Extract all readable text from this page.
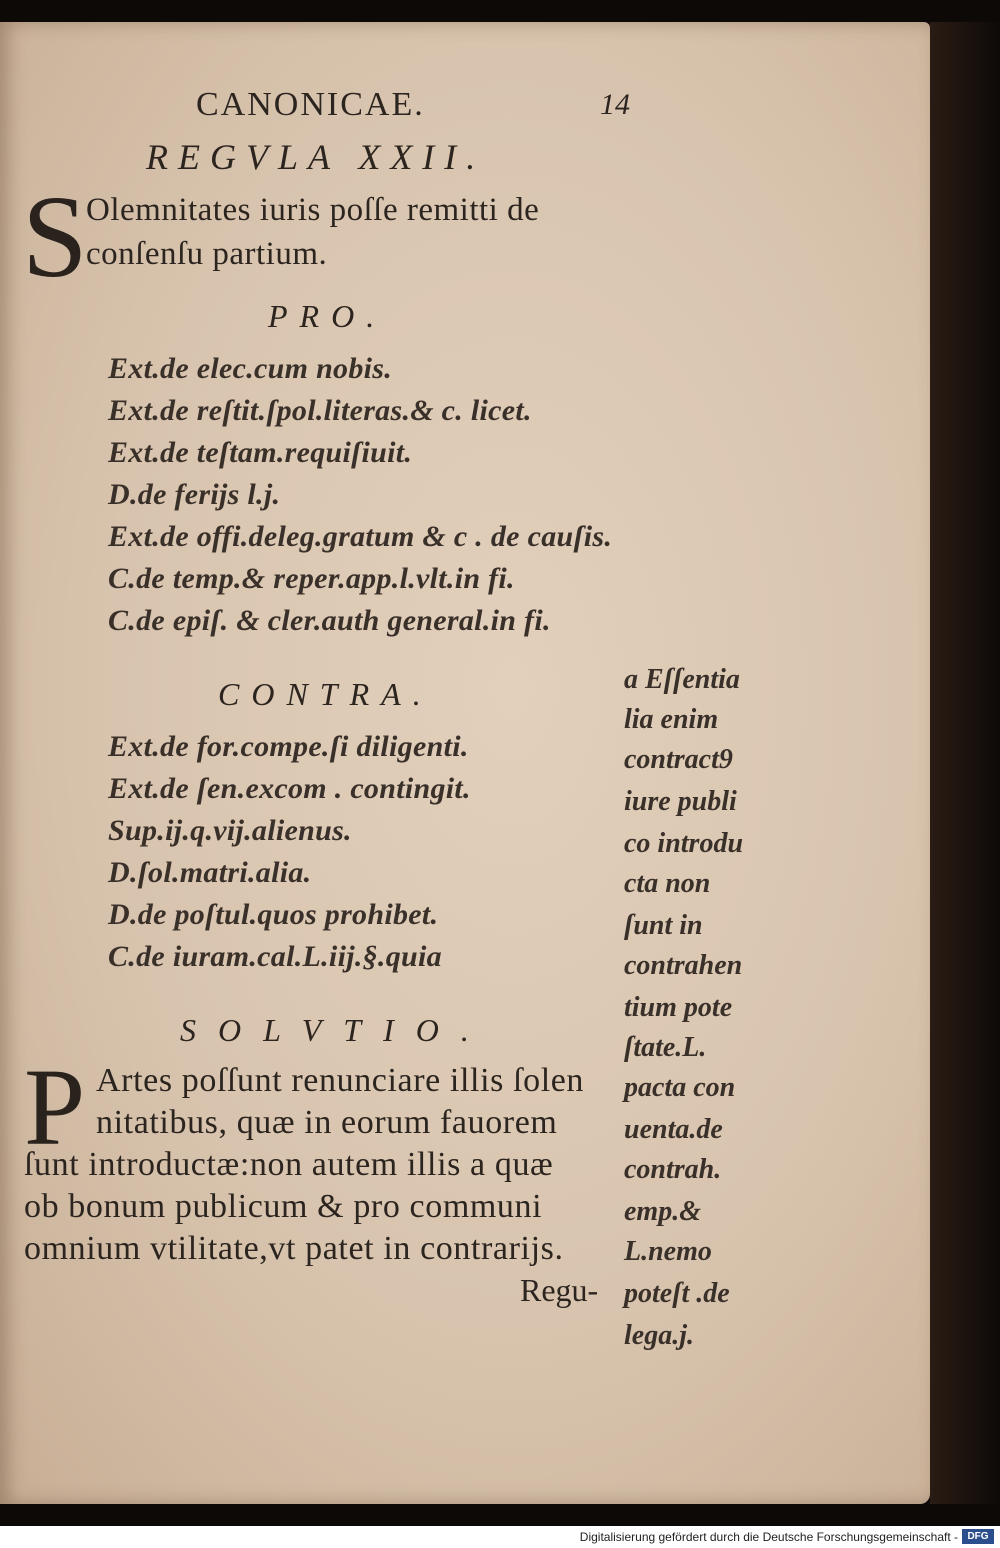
CANONICAE.	14
REGVLA XXII.
S
Olemnitates iuris poſſe remitti de
conſenſu partium.
PRO.
Ext.de elec.cum nobis.
Ext.de reſtit.ſpol.literas.& c. licet.
Ext.de teſtam.requiſiuit.
D.de ferijs l.j.
Ext.de offi.deleg.gratum & c . de cauſis.
C.de temp.& reper.app.l.vlt.in fi.
C.de epiſ. & cler.auth general.in fi.
CONTRA.
Ext.de for.compe.ſi diligenti.
Ext.de ſen.excom . contingit.
Sup.ij.q.vij.alienus.
D.ſol.matri.alia.
D.de poſtul.quos prohibet.
C.de iuram.cal.L.iij.§.quia
SOLVTIO.
P Artes poſſunt renunciare illis ſolen
nitatibus, quæ in eorum fauorem
ſunt introductæ:non autem illis a quæ
ob bonum publicum & pro communi
omnium vtilitate,vt patet in contrarijs.
Regu-
a Eſſentia
lia enim
contract9
iure publi
co introdu
cta non
ſunt in
contrahen
tium pote
ſtate.L.
pacta con
uenta.de
contrah.
emp.&
L.nemo
poteſt .de
lega.j.
Digitalisierung gefördert durch die Deutsche Forschungsgemeinschaft - DFG
